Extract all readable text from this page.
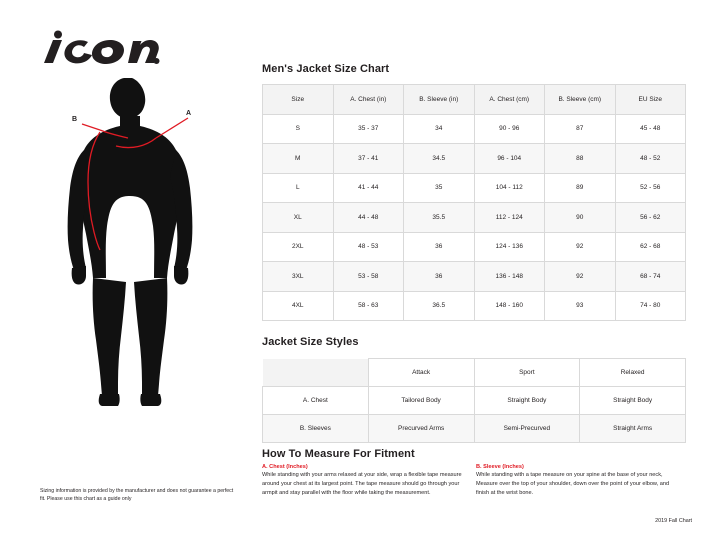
A
B
Sizing information is provided by the manufacturer and does not guarantee a perfect fit. Please use this chart as a guide only
Men's Jacket Size Chart
Size	A. Chest (in)	B. Sleeve (in)	A. Chest (cm)	B. Sleeve (cm)	EU Size
S	35 - 37	34	90 - 96	87	45 - 48
M	37 - 41	34.5	96 - 104	88	48 - 52
L	41 - 44	35	104 - 112	89	52 - 56
XL	44 - 48	35.5	112 - 124	90	56 - 62
2XL	48 - 53	36	124 - 136	92	62 - 68
3XL	53 - 58	36	136 - 148	92	68 - 74
4XL	58 - 63	36.5	148 - 160	93	74 - 80
Jacket Size Styles
	Attack	Sport	Relaxed
A. Chest	Tailored Body	Straight Body	Straight Body
B. Sleeves	Precurved Arms	Semi-Precurved	Straight Arms
How To Measure For Fitment
A. Chest (Inches)
While standing with your arms relaxed at your side, wrap a flexible tape measure around your chest at its largest point. The tape measure should go through your armpit and stay parallel with the floor while taking the measurement.
B. Sleeve (Inches)
While standing with a tape measure on your spine at the base of your neck, Measure over the top of your shoulder, down over the point of your elbow, and finish at the wrist bone.
2019 Fall Chart
